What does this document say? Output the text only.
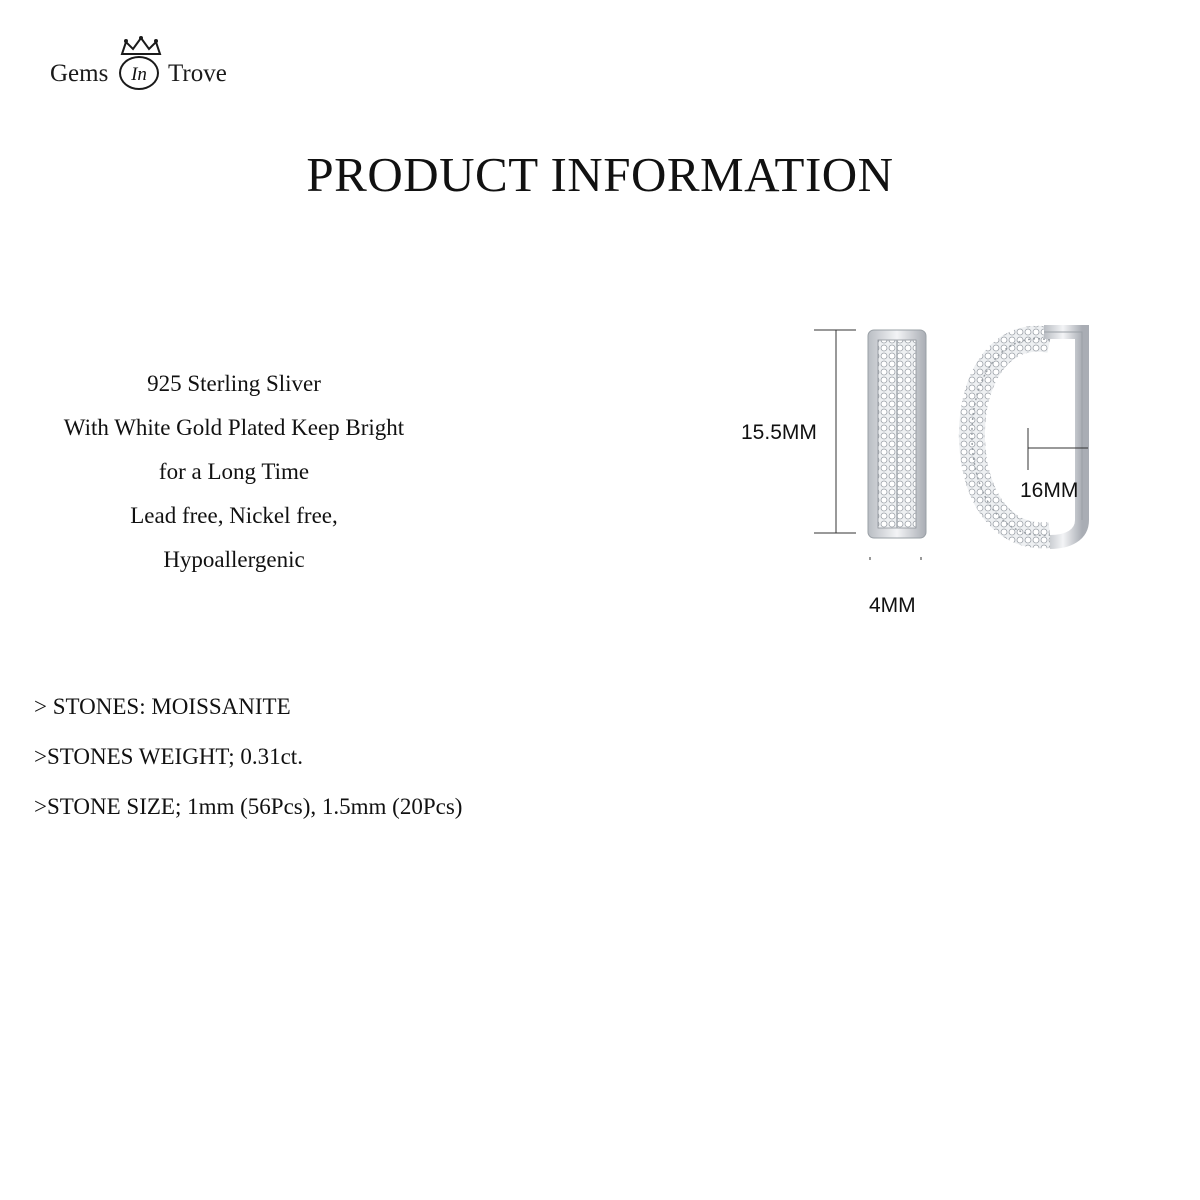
Gems	In Trove
PRODUCT INFORMATION
925 Sterling Sliver
With White Gold Plated Keep Bright
for a Long Time
Lead free, Nickel free,
Hypoallergenic
15.5MM
16MM
4MM
> STONES: MOISSANITE
>STONES WEIGHT; 0.31ct.
>STONE SIZE; 1mm (56Pcs), 1.5mm (20Pcs)
